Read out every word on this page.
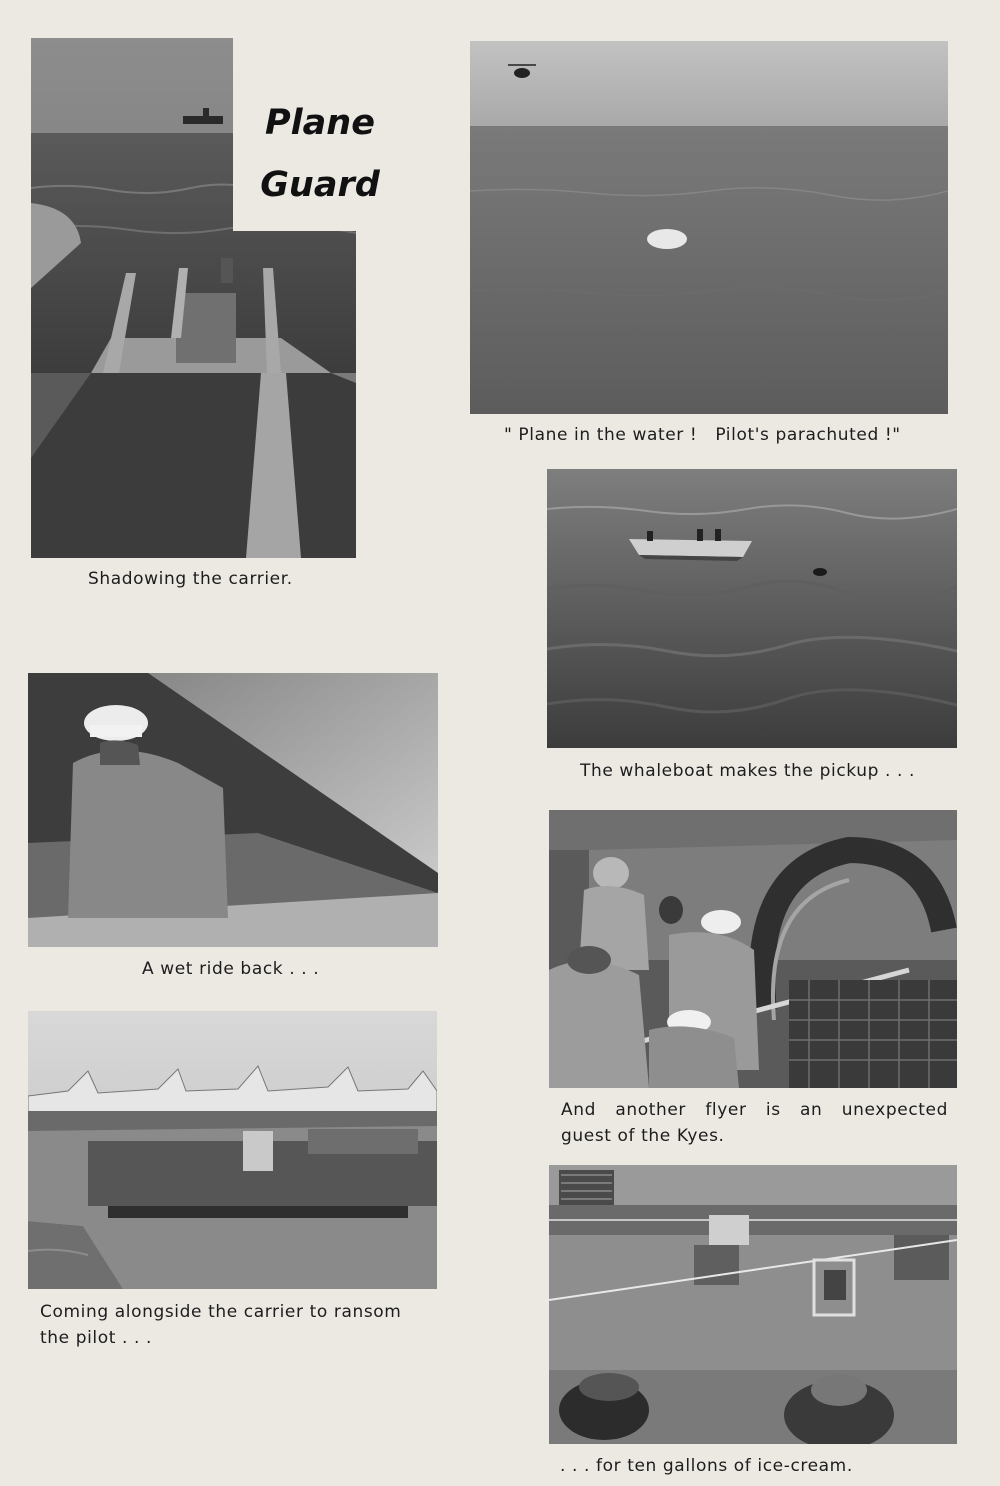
Plane
Guard
Shadowing the carrier.
" Plane in the water !   Pilot's parachuted !"
The whaleboat makes the pickup . . .
A wet ride back . . .
And another flyer is an unexpected
guest of the Kyes.
Coming alongside the carrier to ransom
the pilot . . .
. . . for ten gallons of ice-cream.
